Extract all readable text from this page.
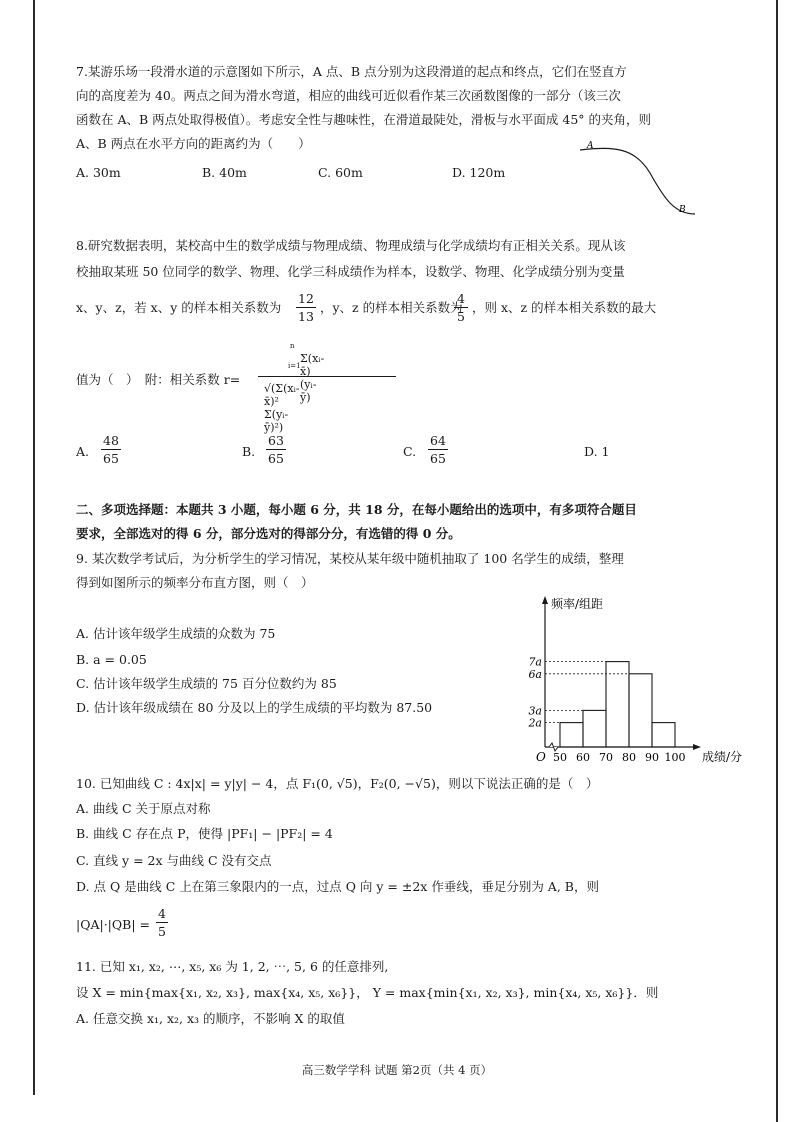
7.某游乐场一段滑水道的示意图如下所示，A 点、B 点分别为这段滑道的起点和终点，它们在竖直方
向的高度差为 40。两点之间为滑水弯道，相应的曲线可近似看作某三次函数图像的一部分（该三次
函数在 A、B 两点处取得极值）。考虑安全性与趣味性，在滑道最陡处，滑板与水平面成 45° 的夹角，则
A、B 两点在水平方向的距离约为（　　）
A. 30m	B. 40m	C. 60m	D. 120m
A
B
8.研究数据表明，某校高中生的数学成绩与物理成绩、物理成绩与化学成绩均有正相关关系。现从该
校抽取某班 50 位同学的数学、物理、化学三科成绩作为样本，设数学、物理、化学成绩分别为变量
x、y、z，若 x、y 的样本相关系数为
12
13
，y、z 的样本相关系数为
4
5
，则 x、z 的样本相关系数的最大
值为（　）　附：相关系数 r=
n
i=1
Σ(xᵢ-x̄)(yᵢ-ȳ)
√(Σ(xᵢ-x̄)² Σ(yᵢ-ȳ)²)
A.
48
65	B.
63
65	C.
64
65	D. 1
二、多项选择题：本题共 3 小题，每小题 6 分，共 18 分，在每小题给出的选项中，有多项符合题目
要求，全部选对的得 6 分，部分选对的得部分分，有选错的得 0 分。
9. 某次数学考试后，为分析学生的学习情况，某校从某年级中随机抽取了 100 名学生的成绩，整理
得到如图所示的频率分布直方图，则（　）
A. 估计该年级学生成绩的众数为 75
B. a = 0.05
C. 估计该年级学生成绩的 75 百分位数约为 85
D. 估计该年级成绩在 80 分及以上的学生成绩的平均数为 87.50
2a
3a
6a
7a
50 60 70 80 90 100
O
频率/组距
成绩/分
10. 已知曲线 C : 4x|x| = y|y| − 4，点 F₁(0, √5)，F₂(0, −√5)，则以下说法正确的是（　）
A. 曲线 C 关于原点对称
B. 曲线 C 存在点 P，使得 |PF₁| − |PF₂| = 4
C. 直线 y = 2x 与曲线 C 没有交点
D. 点 Q 是曲线 C 上在第三象限内的一点，过点 Q 向 y = ±2x 作垂线，垂足分别为 A, B，则
|QA|·|QB| =
4
5
11. 已知 x₁, x₂, ⋯, x₅, x₆ 为 1, 2, ⋯, 5, 6 的任意排列,
设 X = min{max{x₁, x₂, x₃}, max{x₄, x₅, x₆}}， Y = max{min{x₁, x₂, x₃}, min{x₄, x₅, x₆}}．则
A. 任意交换 x₁, x₂, x₃ 的顺序，不影响 X 的取值
高三数学学科 试题 第2页（共 4 页）
